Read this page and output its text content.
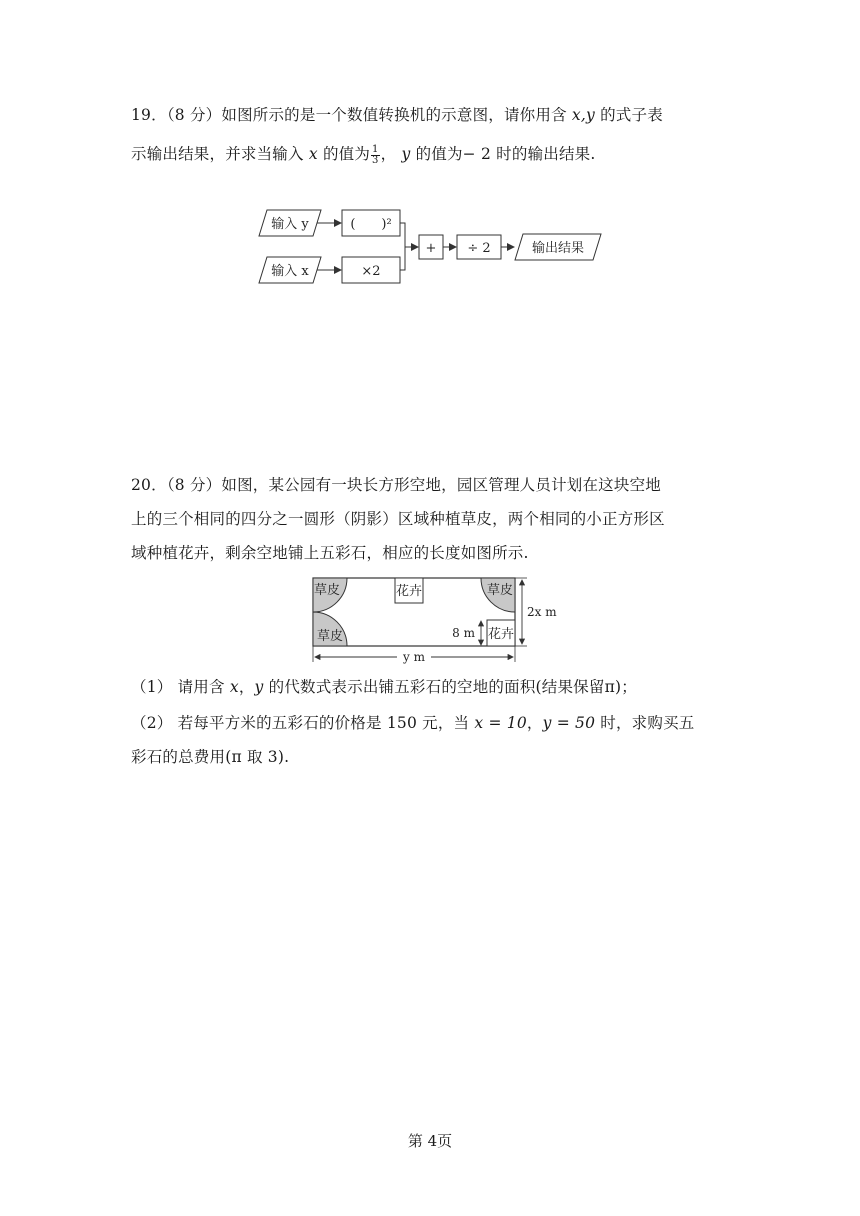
19．（8 分）如图所示的是一个数值转换机的示意图，请你用含 x,y 的式子表
示输出结果，并求当输入 x 的值为 $\frac{1}{3}$ ， y 的值为− 2 时的输出结果.
输入 y
输入 x
(　　)²
×2
+ ÷ 2	输出结果
20．（8 分）如图，某公园有一块长方形空地，园区管理人员计划在这块空地
上的三个相同的四分之一圆形（阴影）区域种植草皮，两个相同的小正方形区
域种植花卉，剩余空地铺上五彩石，相应的长度如图所示.
草皮
草皮
草皮
花卉
花卉
8 m
2x m
y m
（1） 请用含 x，y 的代数式表示出铺五彩石的空地的面积(结果保留π)；
（2） 若每平方米的五彩石的价格是 150 元，当 x = 10，y = 50 时，求购买五
彩石的总费用(π 取 3).
第 4页
